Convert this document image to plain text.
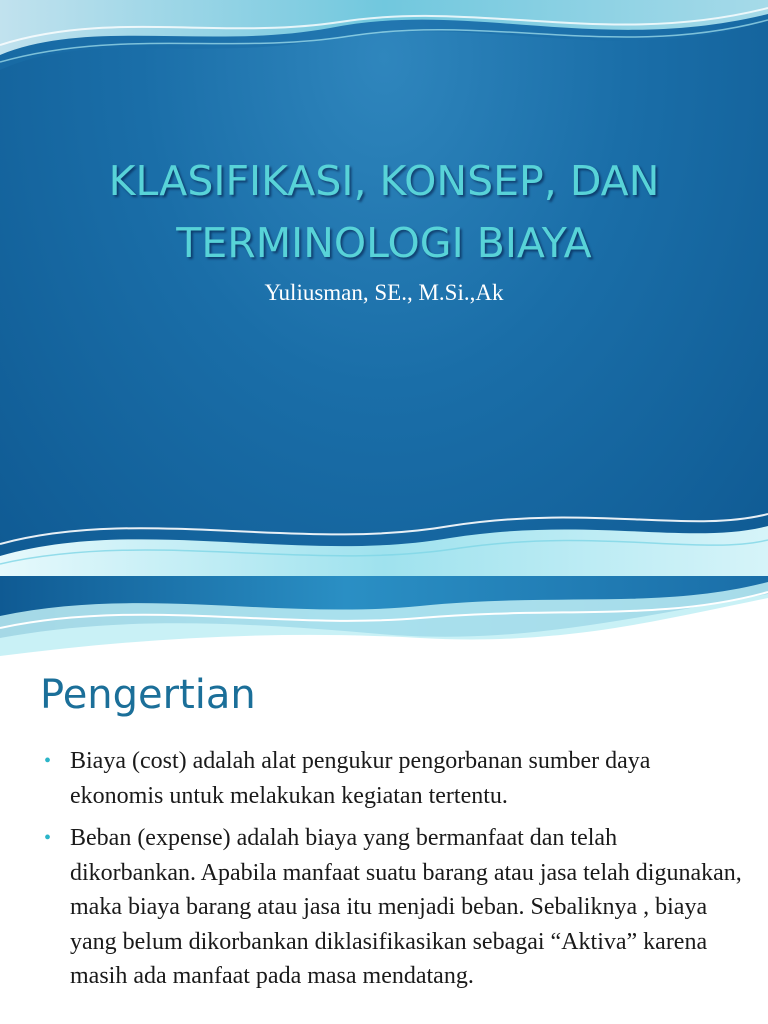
KLASIFIKASI, KONSEP, DAN
TERMINOLOGI BIAYA

Yuliusman, SE., M.Si.,Ak

Pengertian
• Biaya (cost) adalah alat pengukur pengorbanan sumber daya ekonomis untuk melakukan kegiatan tertentu.
• Beban (expense) adalah biaya yang bermanfaat dan telah dikorbankan. Apabila manfaat suatu barang atau jasa telah digunakan, maka biaya barang atau jasa itu menjadi beban. Sebaliknya , biaya yang belum dikorbankan diklasifikasikan sebagai “Aktiva” karena masih ada manfaat pada masa mendatang.
